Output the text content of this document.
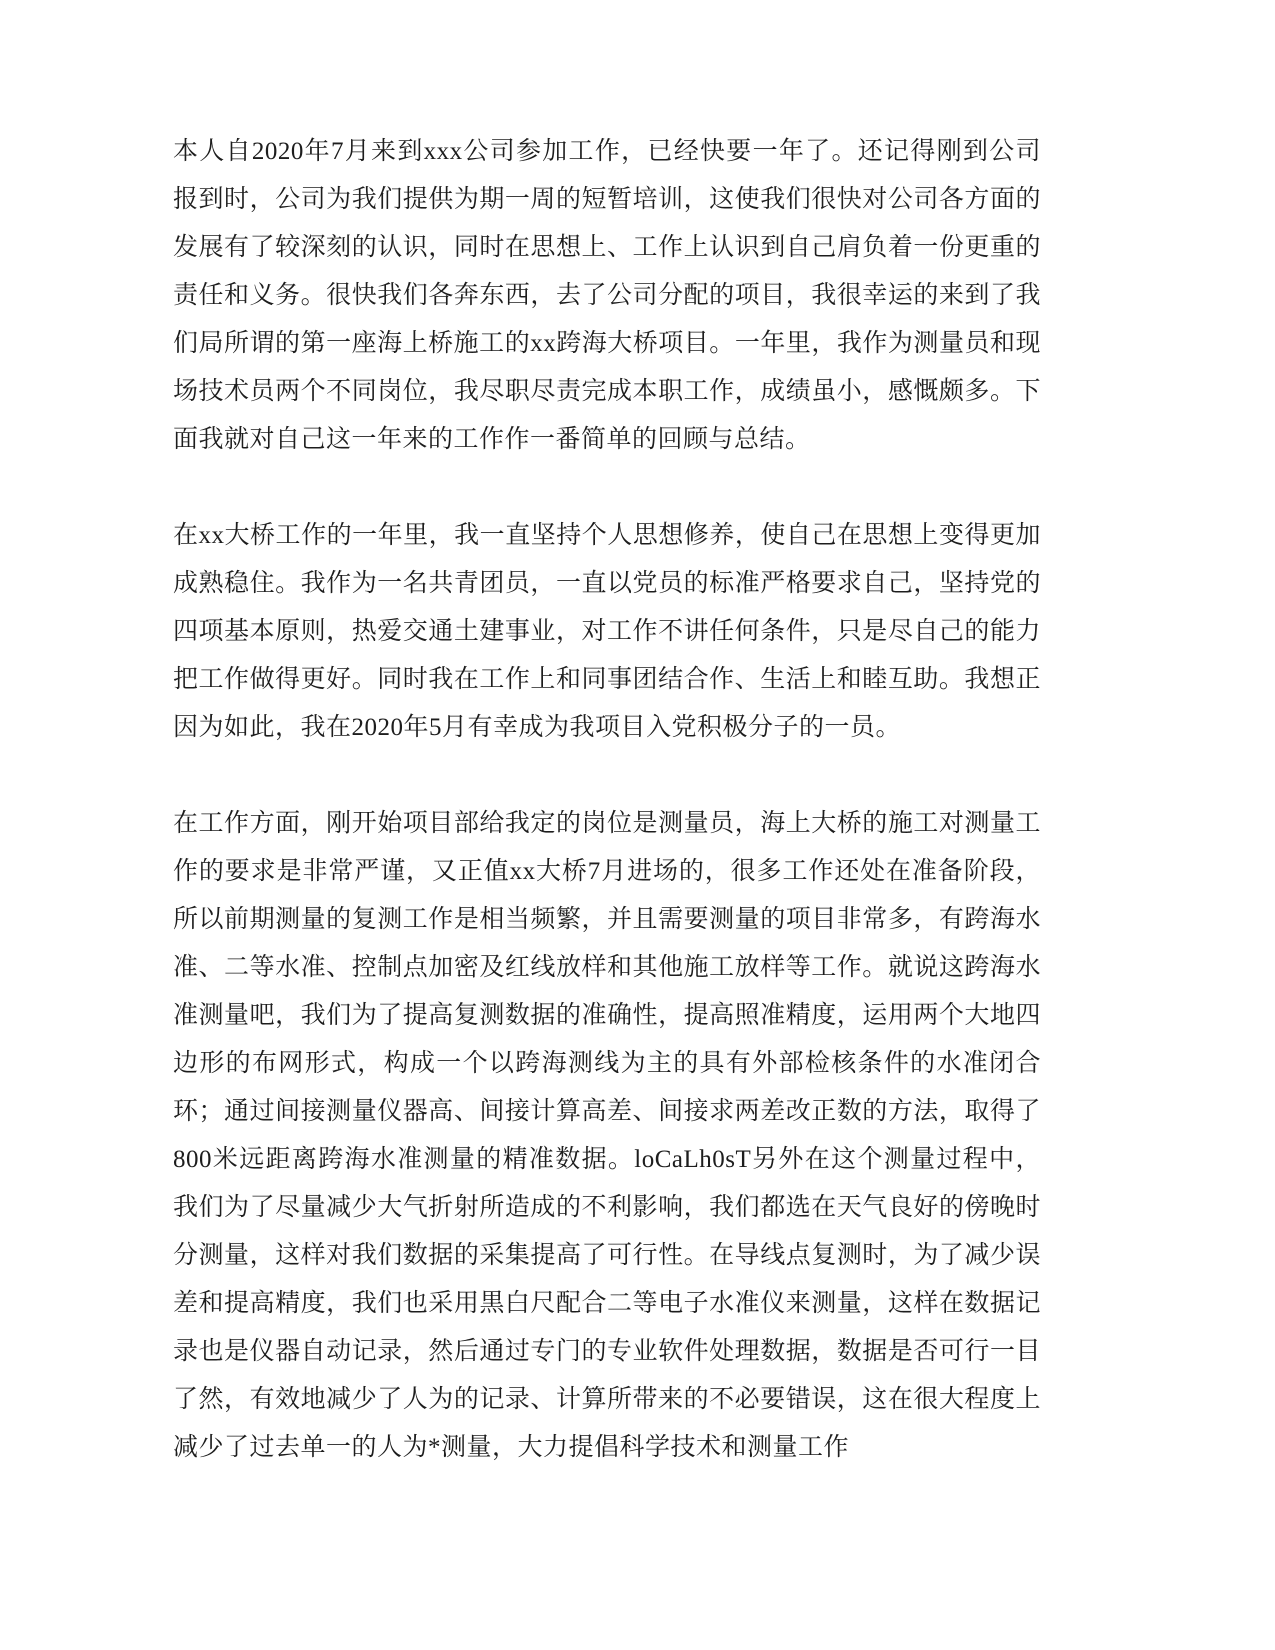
本人自2020年7月来到xxx公司参加工作，已经快要一年了。还记得刚到公司报到时，公司为我们提供为期一周的短暂培训，这使我们很快对公司各方面的发展有了较深刻的认识，同时在思想上、工作上认识到自己肩负着一份更重的责任和义务。很快我们各奔东西，去了公司分配的项目，我很幸运的来到了我们局所谓的第一座海上桥施工的xx跨海大桥项目。一年里，我作为测量员和现场技术员两个不同岗位，我尽职尽责完成本职工作，成绩虽小，感慨颇多。下面我就对自己这一年来的工作作一番简单的回顾与总结。

在xx大桥工作的一年里，我一直坚持个人思想修养，使自己在思想上变得更加成熟稳住。我作为一名共青团员，一直以党员的标准严格要求自己，坚持党的四项基本原则，热爱交通土建事业，对工作不讲任何条件，只是尽自己的能力把工作做得更好。同时我在工作上和同事团结合作、生活上和睦互助。我想正因为如此，我在2020年5月有幸成为我项目入党积极分子的一员。

在工作方面，刚开始项目部给我定的岗位是测量员，海上大桥的施工对测量工作的要求是非常严谨，又正值xx大桥7月进场的，很多工作还处在准备阶段，所以前期测量的复测工作是相当频繁，并且需要测量的项目非常多，有跨海水准、二等水准、控制点加密及红线放样和其他施工放样等工作。就说这跨海水准测量吧，我们为了提高复测数据的准确性，提高照准精度，运用两个大地四边形的布网形式，构成一个以跨海测线为主的具有外部检核条件的水准闭合环；通过间接测量仪器高、间接计算高差、间接求两差改正数的方法，取得了800米远距离跨海水准测量的精准数据。loCaLh0sT另外在这个测量过程中，我们为了尽量减少大气折射所造成的不利影响，我们都选在天气良好的傍晚时分测量，这样对我们数据的采集提高了可行性。在导线点复测时，为了减少误差和提高精度，我们也采用黒白尺配合二等电子水准仪来测量，这样在数据记录也是仪器自动记录，然后通过专门的专业软件处理数据，数据是否可行一目了然，有效地减少了人为的记录、计算所带来的不必要错误，这在很大程度上减少了过去单一的人为*测量，大力提倡科学技术和测量工作
